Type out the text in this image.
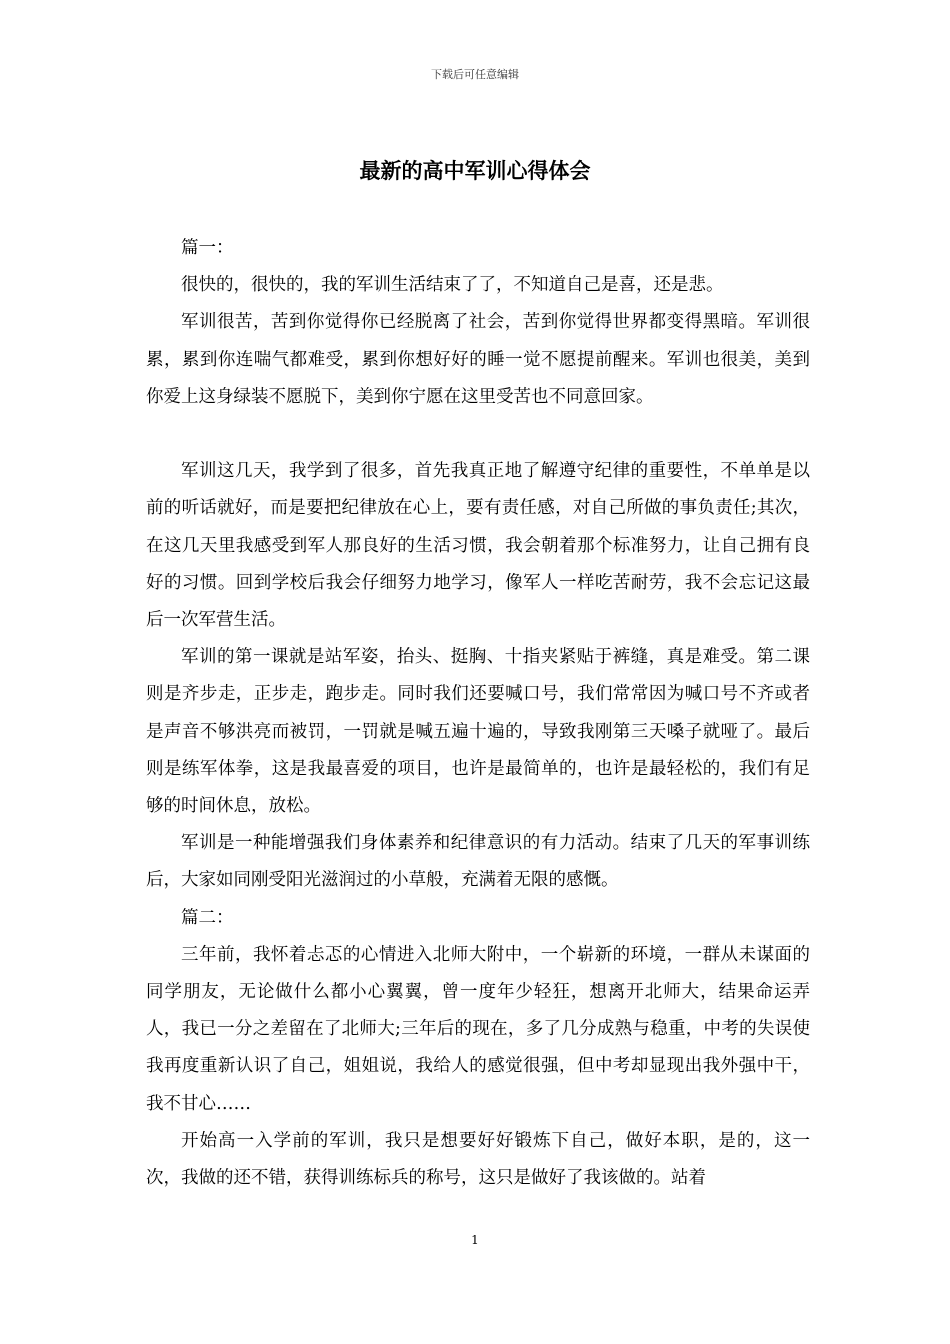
下载后可任意编辑
最新的高中军训心得体会

篇一：

很快的，很快的，我的军训生活结束了了，不知道自己是喜，还是悲。

军训很苦，苦到你觉得你已经脱离了社会，苦到你觉得世界都变得黑暗。军训很累，累到你连喘气都难受，累到你想好好的睡一觉不愿提前醒来。军训也很美，美到你爱上这身绿装不愿脱下，美到你宁愿在这里受苦也不同意回家。

军训这几天，我学到了很多，首先我真正地了解遵守纪律的重要性，不单单是以前的听话就好，而是要把纪律放在心上，要有责任感，对自己所做的事负责任;其次，在这几天里我感受到军人那良好的生活习惯，我会朝着那个标准努力，让自己拥有良好的习惯。回到学校后我会仔细努力地学习，像军人一样吃苦耐劳，我不会忘记这最后一次军营生活。

军训的第一课就是站军姿，抬头、挺胸、十指夹紧贴于裤缝，真是难受。第二课则是齐步走，正步走，跑步走。同时我们还要喊口号，我们常常因为喊口号不齐或者是声音不够洪亮而被罚，一罚就是喊五遍十遍的，导致我刚第三天嗓子就哑了。最后则是练军体拳，这是我最喜爱的项目，也许是最简单的，也许是最轻松的，我们有足够的时间休息，放松。

军训是一种能增强我们身体素养和纪律意识的有力活动。结束了几天的军事训练后，大家如同刚受阳光滋润过的小草般，充满着无限的感慨。

篇二：

三年前，我怀着忐忑的心情进入北师大附中，一个崭新的环境，一群从未谋面的同学朋友，无论做什么都小心翼翼，曾一度年少轻狂，想离开北师大，结果命运弄人，我已一分之差留在了北师大;三年后的现在，多了几分成熟与稳重，中考的失误使我再度重新认识了自己，姐姐说，我给人的感觉很强，但中考却显现出我外强中干，我不甘心……

开始高一入学前的军训，我只是想要好好锻炼下自己，做好本职，是的，这一次，我做的还不错，获得训练标兵的称号，这只是做好了我该做的。站着

1
